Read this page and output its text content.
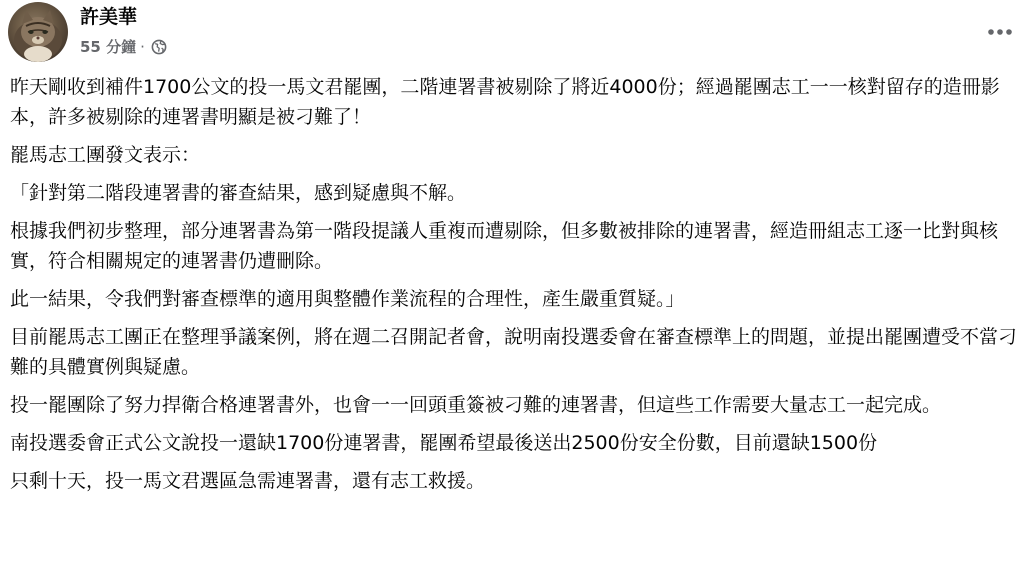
許美華
55 分鐘 ·

昨天剛收到補件1700公文的投一馬文君罷團，二階連署書被剔除了將近4000份；經過罷團志工一一核對留存的造冊影本，許多被剔除的連署書明顯是被刁難了！

罷馬志工團發文表示：

「針對第二階段連署書的審查結果，感到疑慮與不解。

根據我們初步整理，部分連署書為第一階段提議人重複而遭剔除，但多數被排除的連署書，經造冊組志工逐一比對與核實，符合相關規定的連署書仍遭刪除。

此一結果，令我們對審查標準的適用與整體作業流程的合理性，產生嚴重質疑。」

目前罷馬志工團正在整理爭議案例，將在週二召開記者會，說明南投選委會在審查標準上的問題，並提出罷團遭受不當刁難的具體實例與疑慮。

投一罷團除了努力捍衛合格連署書外，也會一一回頭重簽被刁難的連署書，但這些工作需要大量志工一起完成。

南投選委會正式公文說投一還缺1700份連署書，罷團希望最後送出2500份安全份數，目前還缺1500份

只剩十天，投一馬文君選區急需連署書，還有志工救援。
